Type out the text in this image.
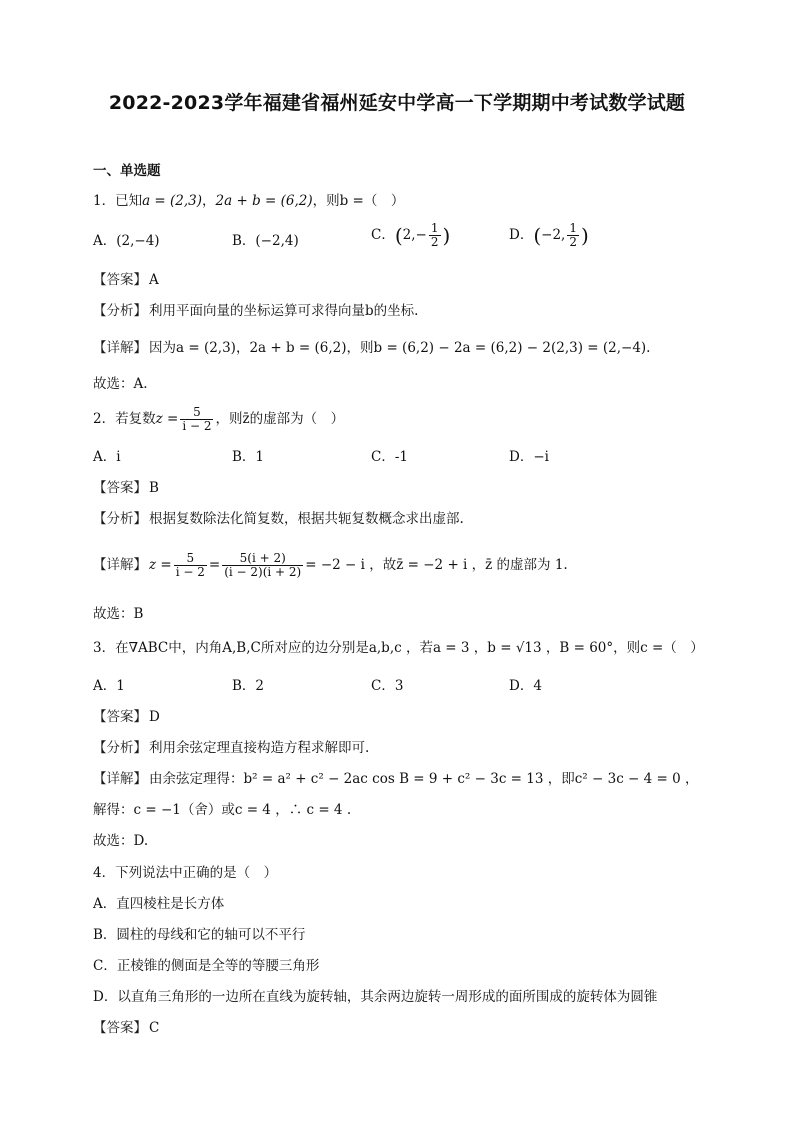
2022-2023学年福建省福州延安中学高一下学期期中考试数学试题
一、单选题
1．已知a = (2,3)，2a + b = (6,2)，则b =（　）
A．(2,−4)	B．(−2,4)	C．($2,- \frac{1}{2}$ )	D．(−2, $\frac{1}{2}$ )
【答案】 A
【分析】 利用平面向量的坐标运算可求得向量b的坐标.
【详解】 因为a = (2,3)，2a + b = (6,2)，则b = (6,2) − 2a = (6,2) − 2(2,3) = (2,−4).
故选：A.
2．若复数$z = \frac{5}{i - 2}$ ，则z̄的虚部为（　）
A．i	B．1	C．-1	D．−i
【答案】 B
【分析】 根据复数除法化简复数，根据共轭复数概念求出虚部.
【详解】 $z = \frac{5}{i - 2} = \frac{5(i + 2)}{(i - 2)(i + 2)} = -2 - i$ ，故z̄ = −2 + i ，z̄ 的虚部为 1.
故选：B
3．在∇ABC中，内角A,B,C所对应的边分别是a,b,c ，若a = 3 ，b = √13 ，B = 60°，则c =（　）
A．1	B．2	C．3	D．4
【答案】 D
【分析】 利用余弦定理直接构造方程求解即可.
【详解】 由余弦定理得：b² = a² + c² − 2ac cos B = 9 + c² − 3c = 13 ，即c² − 3c − 4 = 0 ，
解得：c = −1（舍）或c = 4 ，∴ c = 4 .
故选：D.
4．下列说法中正确的是（　）
A．直四棱柱是长方体
B．圆柱的母线和它的轴可以不平行
C．正棱锥的侧面是全等的等腰三角形
D．以直角三角形的一边所在直线为旋转轴，其余两边旋转一周形成的面所围成的旋转体为圆锥
【答案】 C
